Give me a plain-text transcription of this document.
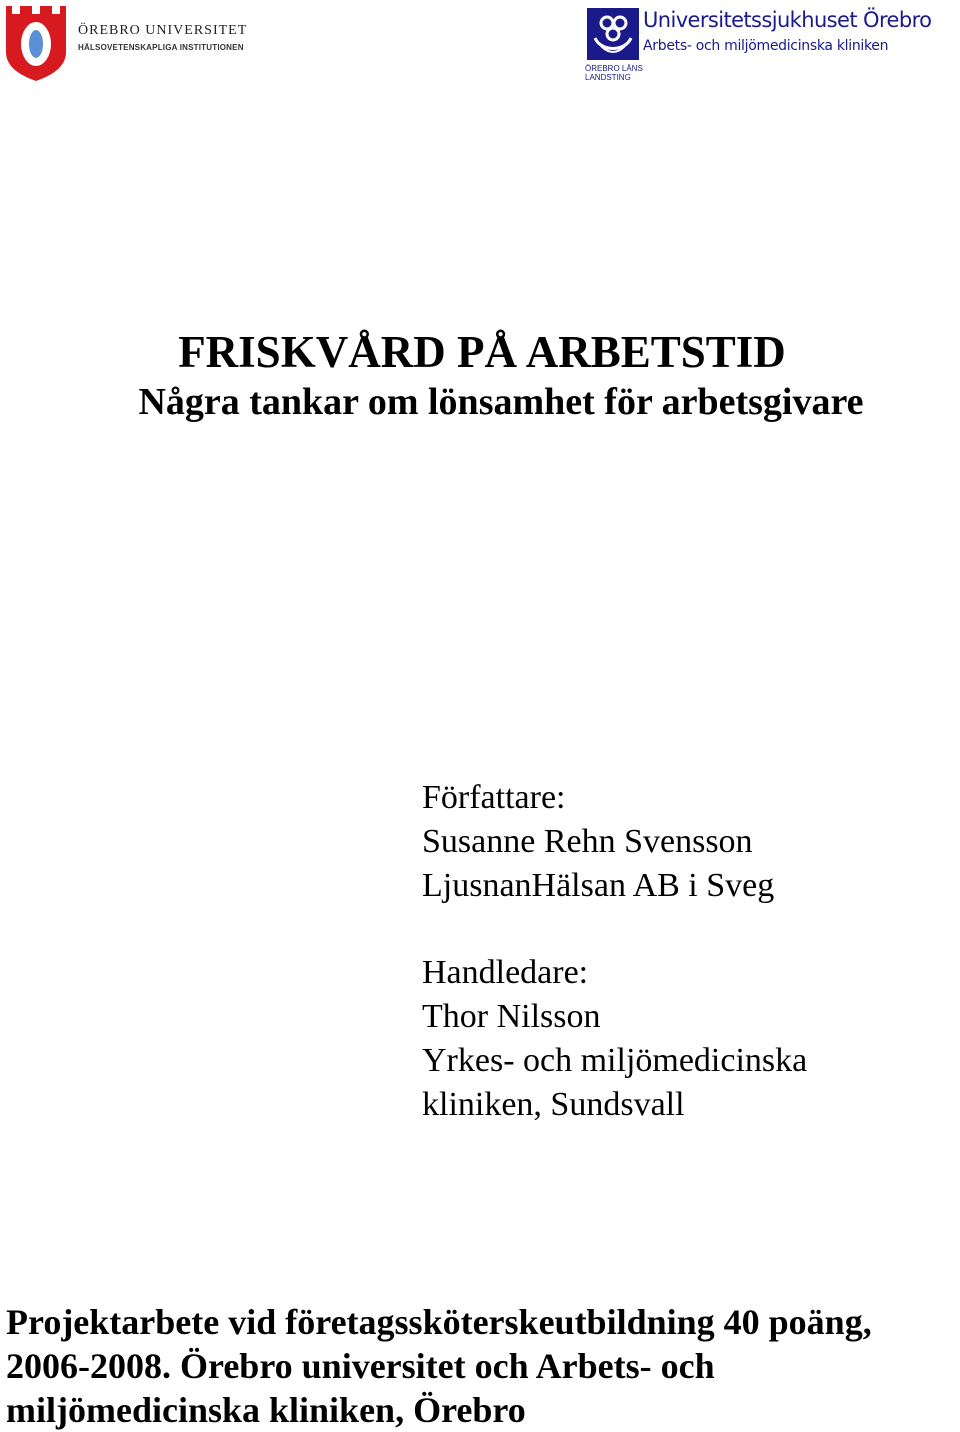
ÖREBRO UNIVERSITET
HÄLSOVETENSKAPLIGA INSTITUTIONEN
ÖREBRO LÄNS
LANDSTING
Universitetssjukhuset Örebro
Arbets- och miljömedicinska kliniken
FRISKVÅRD PÅ ARBETSTID
Några tankar om lönsamhet för arbetsgivare
Författare:
Susanne Rehn Svensson
LjusnanHälsan AB i Sveg
Handledare:
Thor Nilsson
Yrkes- och miljömedicinska
kliniken, Sundsvall
Projektarbete vid företagssköterskeutbildning 40 poäng,
2006-2008. Örebro universitet och Arbets- och
miljömedicinska kliniken, Örebro
